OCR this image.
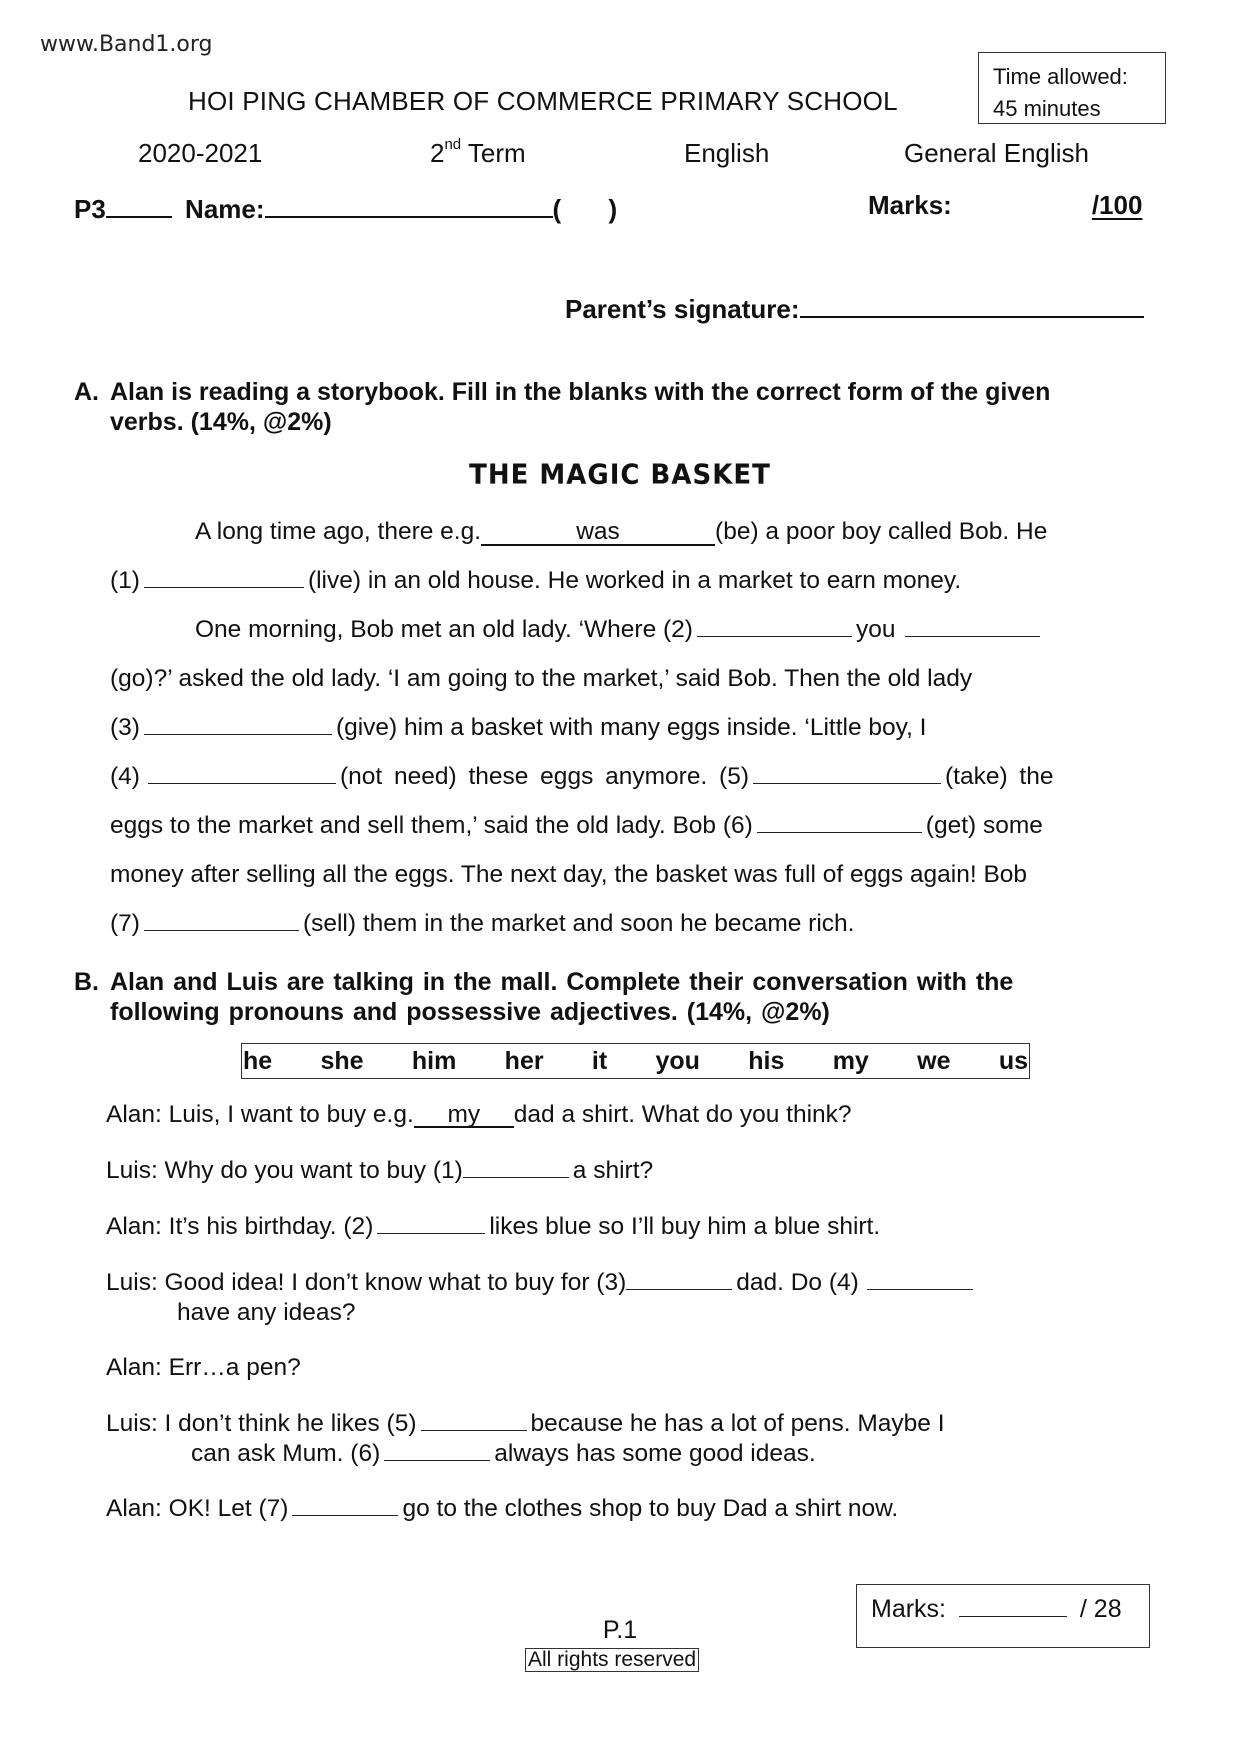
www.Band1.org
HOI PING CHAMBER OF COMMERCE PRIMARY SCHOOL
Time allowed:
45 minutes
2020-2021	2nd Term	English	General English
P3	Name:	( )	Marks:	/100
Parent’s signature:
A. Alan is reading a storybook. Fill in the blanks with the correct form of the given
verbs. (14%, @2%)
THE MAGIC BASKET
A long time ago, there e.g.	was	(be) a poor boy called Bob. He
(1)	(live) in an old house. He worked in a market to earn money.
One morning, Bob met an old lady. ‘Where (2)	you
(go)?’ asked the old lady. ‘I am going to the market,’ said Bob. Then the old lady
(3)	(give) him a basket with many eggs inside. ‘Little boy, I
(4)	(not need) these eggs anymore. (5)	(take) the
eggs to the market and sell them,’ said the old lady. Bob (6)	(get) some
money after selling all the eggs. The next day, the basket was full of eggs again! Bob
(7)	(sell) them in the market and soon he became rich.
B. Alan and Luis are talking in the mall. Complete their conversation with the
following pronouns and possessive adjectives. (14%, @2%)
he she him her it you his my we us
Alan: Luis, I want to buy e.g. my dad a shirt. What do you think?
Luis: Why do you want to buy (1)	a shirt?
Alan: It’s his birthday. (2)	likes blue so I’ll buy him a blue shirt.
Luis: Good idea! I don’t know what to buy for (3)	dad. Do (4)
have any ideas?
Alan: Err…a pen?
Luis: I don’t think he likes (5)	because he has a lot of pens. Maybe I
can ask Mum. (6)	always has some good ideas.
Alan: OK! Let (7)	go to the clothes shop to buy Dad a shirt now.
Marks:	/ 28
P.1
All rights reserved
